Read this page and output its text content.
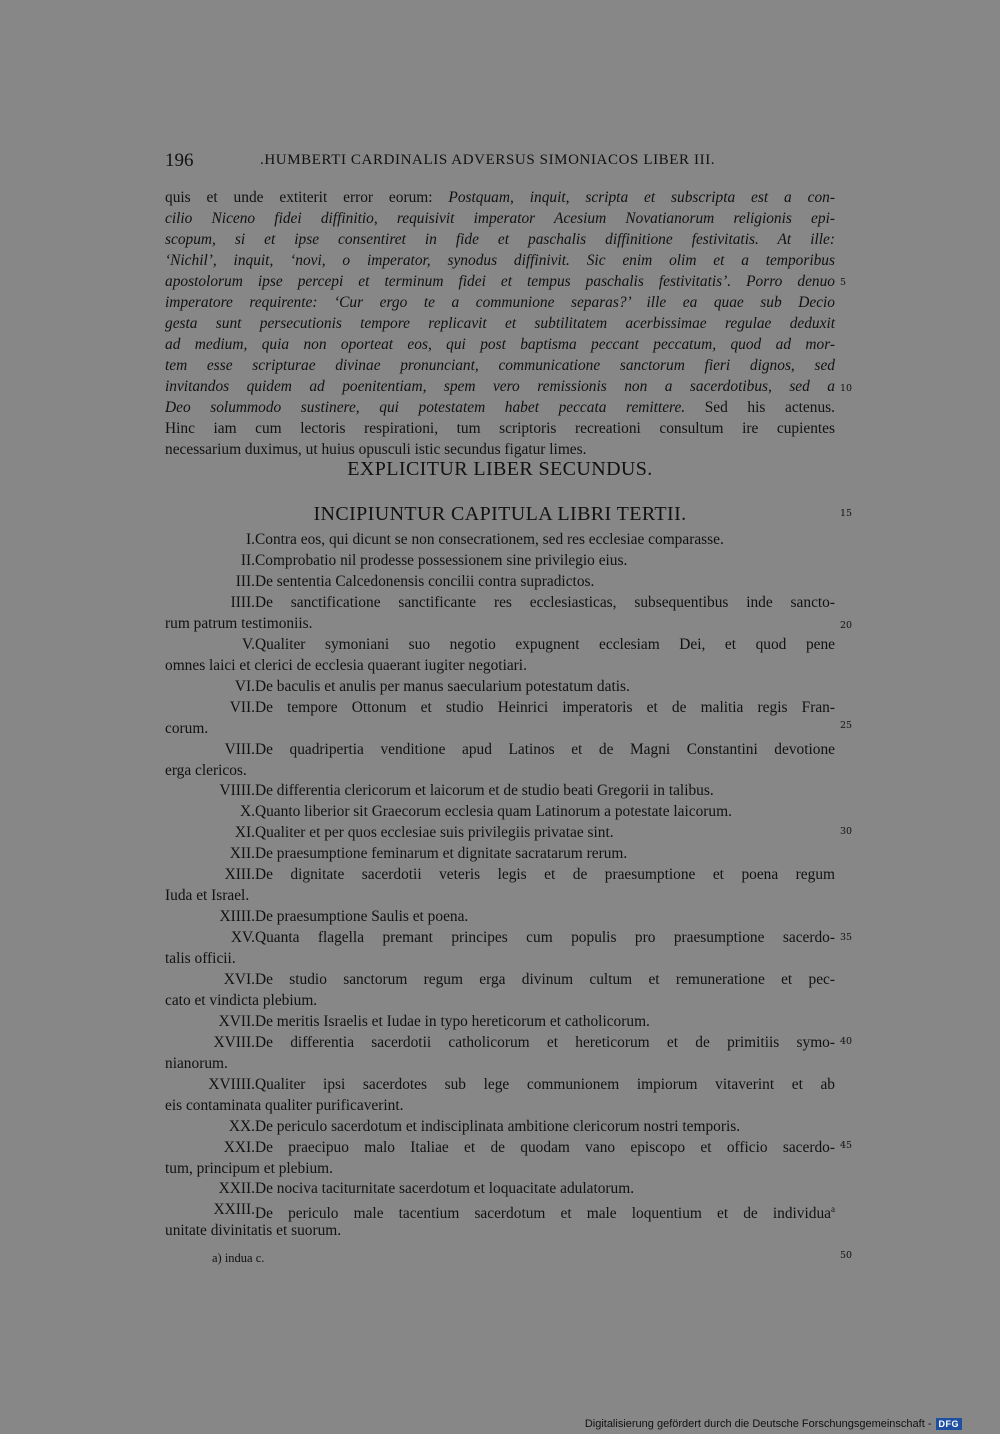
196	.HUMBERTI CARDINALIS ADVERSUS SIMONIACOS LIBER III.
quis et unde extiterit error eorum: Postquam, inquit, scripta et subscripta est a con-
cilio Niceno fidei diffinitio, requisivit imperator Acesium Novatianorum religionis epi-
scopum, si et ipse consentiret in fide et paschalis diffinitione festivitatis. At ille:
‘Nichil’, inquit, ‘novi, o imperator, synodus diffinivit. Sic enim olim et a temporibus
apostolorum ipse percepi et terminum fidei et tempus paschalis festivitatis’. Porro denuo
imperatore requirente: ‘Cur ergo te a communione separas?’ ille ea quae sub Decio
gesta sunt persecutionis tempore replicavit et subtilitatem acerbissimae regulae deduxit
ad medium, quia non oporteat eos, qui post baptisma peccant peccatum, quod ad mor-
tem esse scripturae divinae pronunciant, communicatione sanctorum fieri dignos, sed
invitandos quidem ad poenitentiam, spem vero remissionis non a sacerdotibus, sed a
Deo solummodo sustinere, qui potestatem habet peccata remittere. Sed his actenus.
Hinc iam cum lectoris respirationi, tum scriptoris recreationi consultum ire cupientes
necessarium duximus, ut huius opusculi istic secundus figatur limes.
EXPLICITUR LIBER SECUNDUS.
INCIPIUNTUR CAPITULA LIBRI TERTII.
I. Contra eos, qui dicunt se non consecrationem, sed res ecclesiae comparasse.
II. Comprobatio nil prodesse possessionem sine privilegio eius.
III. De sententia Calcedonensis concilii contra supradictos.
IIII. De sanctificatione sanctificante res ecclesiasticas, subsequentibus inde sancto-
rum patrum testimoniis.
V. Qualiter symoniani suo negotio expugnent ecclesiam Dei, et quod pene
omnes laici et clerici de ecclesia quaerant iugiter negotiari.
VI. De baculis et anulis per manus saecularium potestatum datis.
VII. De tempore Ottonum et studio Heinrici imperatoris et de malitia regis Fran-
corum.
VIII. De quadripertia venditione apud Latinos et de Magni Constantini devotione
erga clericos.
VIIII. De differentia clericorum et laicorum et de studio beati Gregorii in talibus.
X. Quanto liberior sit Graecorum ecclesia quam Latinorum a potestate laicorum.
XI. Qualiter et per quos ecclesiae suis privilegiis privatae sint.
XII. De praesumptione feminarum et dignitate sacratarum rerum.
XIII. De dignitate sacerdotii veteris legis et de praesumptione et poena regum
Iuda et Israel.
XIIII. De praesumptione Saulis et poena.
XV. Quanta flagella premant principes cum populis pro praesumptione sacerdo-
talis officii.
XVI. De studio sanctorum regum erga divinum cultum et remuneratione et pec-
cato et vindicta plebium.
XVII. De meritis Israelis et Iudae in typo hereticorum et catholicorum.
XVIII. De differentia sacerdotii catholicorum et hereticorum et de primitiis symo-
nianorum.
XVIIII. Qualiter ipsi sacerdotes sub lege communionem impiorum vitaverint et ab
eis contaminata qualiter purificaverint.
XX. De periculo sacerdotum et indisciplinata ambitione clericorum nostri temporis.
XXI. De praecipuo malo Italiae et de quodam vano episcopo et officio sacerdo-
tum, principum et plebium.
XXII. De nociva taciturnitate sacerdotum et loquacitate adulatorum.
XXIII. De periculo male tacentium sacerdotum et male loquentium et de individua$^a$
unitate divinitatis et suorum.
5
10
15
20
25
30
35
40
45
50
a) indua c.
Digitalisierung gefördert durch die Deutsche Forschungsgemeinschaft - DFG
